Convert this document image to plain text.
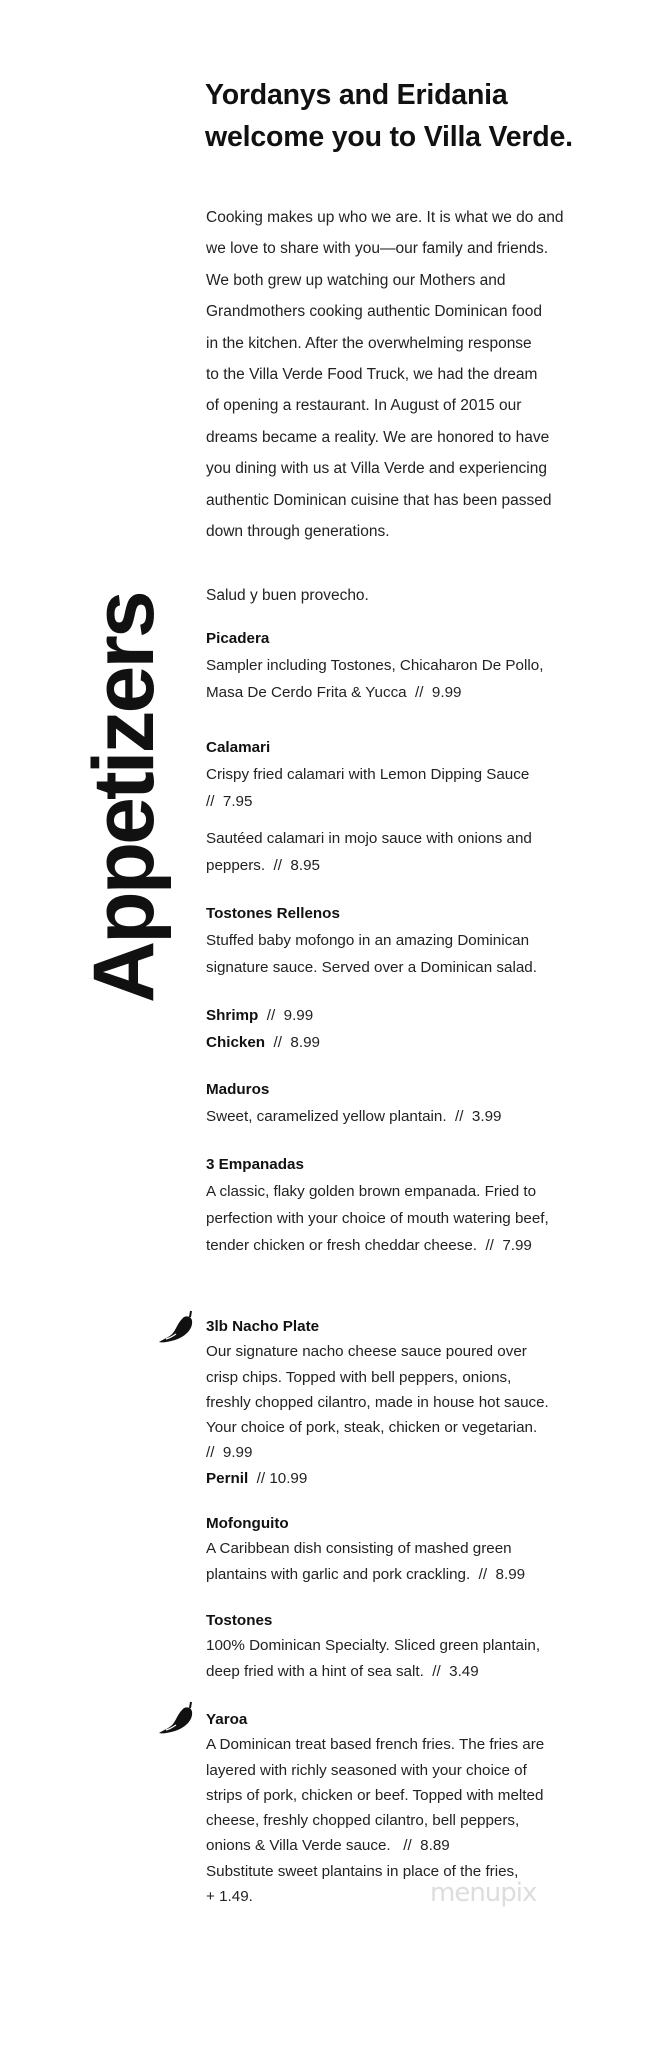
Yordanys and Eridania
welcome you to Villa Verde.
Cooking makes up who we are. It is what we do and
we love to share with you—our family and friends.
We both grew up watching our Mothers and
Grandmothers cooking authentic Dominican food
in the kitchen. After the overwhelming response
to the Villa Verde Food Truck, we had the dream
of opening a restaurant. In August of 2015 our
dreams became a reality. We are honored to have
you dining with us at Villa Verde and experiencing
authentic Dominican cuisine that has been passed
down through generations.
Salud y buen provecho.
Appetizers Picadera
Sampler including Tostones, Chicaharon De Pollo,
Masa De Cerdo Frita & Yucca  //  9.99
Calamari
Crispy fried calamari with Lemon Dipping Sauce
//  7.95
Sautéed calamari in mojo sauce with onions and
peppers.  //  8.95
Tostones Rellenos
Stuffed baby mofongo in an amazing Dominican
signature sauce. Served over a Dominican salad.
Shrimp  //  9.99
Chicken  //  8.99
Maduros
Sweet, caramelized yellow plantain.  //  3.99
3 Empanadas
A classic, flaky golden brown empanada. Fried to
perfection with your choice of mouth watering beef,
tender chicken or fresh cheddar cheese.  //  7.99
3lb Nacho Plate
Our signature nacho cheese sauce poured over
crisp chips. Topped with bell peppers, onions,
freshly chopped cilantro, made in house hot sauce.
Your choice of pork, steak, chicken or vegetarian.
//  9.99
Pernil  // 10.99
Mofonguito
A Caribbean dish consisting of mashed green
plantains with garlic and pork crackling.  //  8.99
Tostones
100% Dominican Specialty. Sliced green plantain,
deep fried with a hint of sea salt.  //  3.49
Yaroa
A Dominican treat based french fries. The fries are
layered with richly seasoned with your choice of
strips of pork, chicken or beef. Topped with melted
cheese, freshly chopped cilantro, bell peppers,
onions & Villa Verde sauce.   //  8.89
Substitute sweet plantains in place of the fries,
+ 1.49.	menupix
